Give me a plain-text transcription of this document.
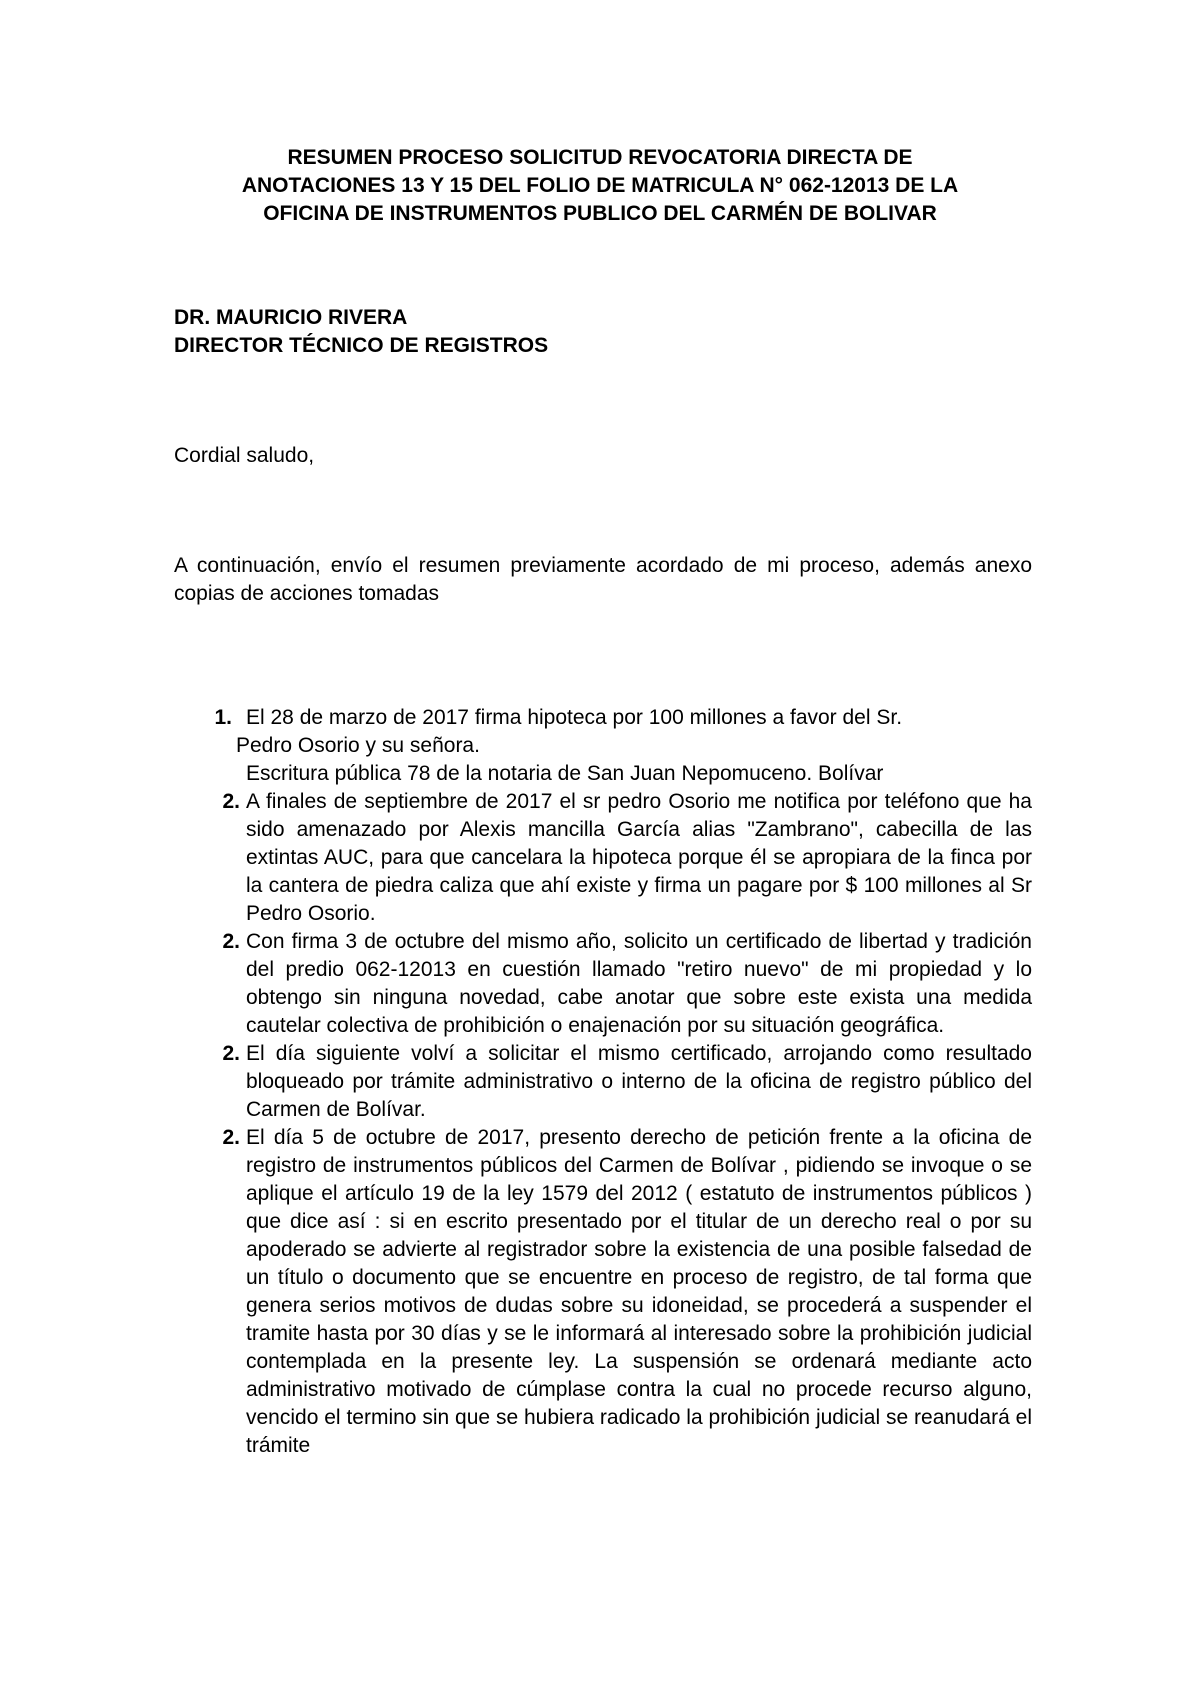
RESUMEN PROCESO SOLICITUD REVOCATORIA DIRECTA DE
ANOTACIONES 13 Y 15 DEL FOLIO DE MATRICULA N° 062-12013 DE LA
OFICINA DE INSTRUMENTOS PUBLICO DEL CARMÉN DE BOLIVAR
DR. MAURICIO RIVERA
DIRECTOR TÉCNICO DE REGISTROS
Cordial saludo,
A continuación, envío el resumen previamente acordado de mi proceso, además anexo copias de acciones tomadas
1. El 28 de marzo de 2017 firma hipoteca por 100 millones a favor del Sr.
Pedro Osorio y su señora.
Escritura pública 78 de la notaria de San Juan Nepomuceno. Bolívar
2. A finales de septiembre de 2017 el sr pedro Osorio me notifica por teléfono que ha sido amenazado por Alexis mancilla García alias "Zambrano", cabecilla de las extintas AUC, para que cancelara la hipoteca porque él se apropiara de la finca por la cantera de piedra caliza que ahí existe y firma un pagare por $ 100 millones al Sr Pedro Osorio.
2. Con firma 3 de octubre del mismo año, solicito un certificado de libertad y tradición del predio 062-12013 en cuestión llamado "retiro nuevo" de mi propiedad y lo obtengo sin ninguna novedad, cabe anotar que sobre este exista una medida cautelar colectiva de prohibición o enajenación por su situación geográfica.
2. El día siguiente volví a solicitar el mismo certificado, arrojando como resultado bloqueado por trámite administrativo o interno de la oficina de registro público del Carmen de Bolívar.
2. El día 5 de octubre de 2017, presento derecho de petición frente a la oficina de registro de instrumentos públicos del Carmen de Bolívar , pidiendo se invoque o se aplique el artículo 19 de la ley 1579 del 2012 ( estatuto de instrumentos públicos ) que dice así : si en escrito presentado por el titular de un derecho real o por su apoderado se advierte al registrador sobre la existencia de una posible falsedad de un título o documento que se encuentre en proceso de registro, de tal forma que genera serios motivos de dudas sobre su idoneidad, se procederá a suspender el tramite hasta por 30 días y se le informará al interesado sobre la prohibición judicial contemplada en la presente ley. La suspensión se ordenará mediante acto administrativo motivado de cúmplase contra la cual no procede recurso alguno, vencido el termino sin que se hubiera radicado la prohibición judicial se reanudará el trámite
